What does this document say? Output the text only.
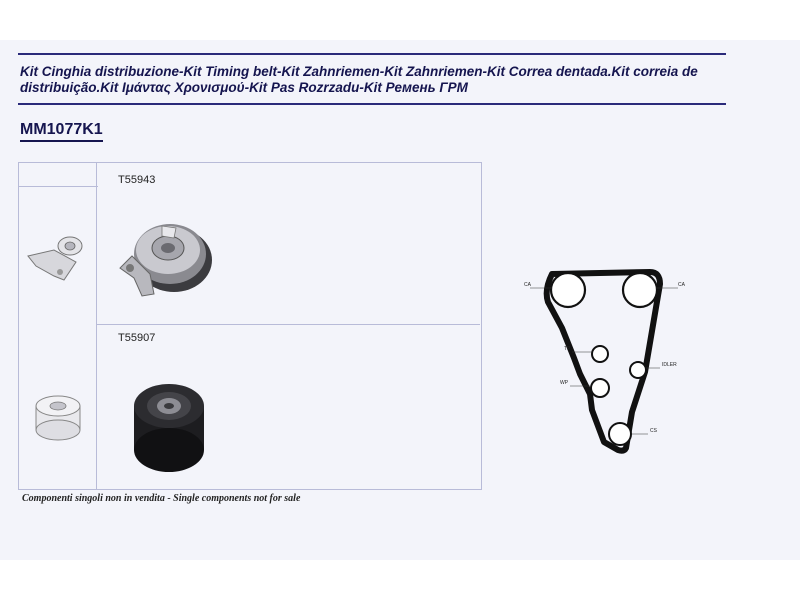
Kit Cinghia distribuzione-Kit Timing belt-Kit Zahnriemen-Kit Zahnriemen-Kit Correa dentada.Kit correia de distribuição.Kit Ιμάντας Χρονισμού-Kit Pas Rozrzadu-Kit Ремень ГРМ
MM1077K1
T55943
T55907
Componenti singoli non in vendita - Single components not for sale
CA	CA
TP
IDLER
WP
CS
